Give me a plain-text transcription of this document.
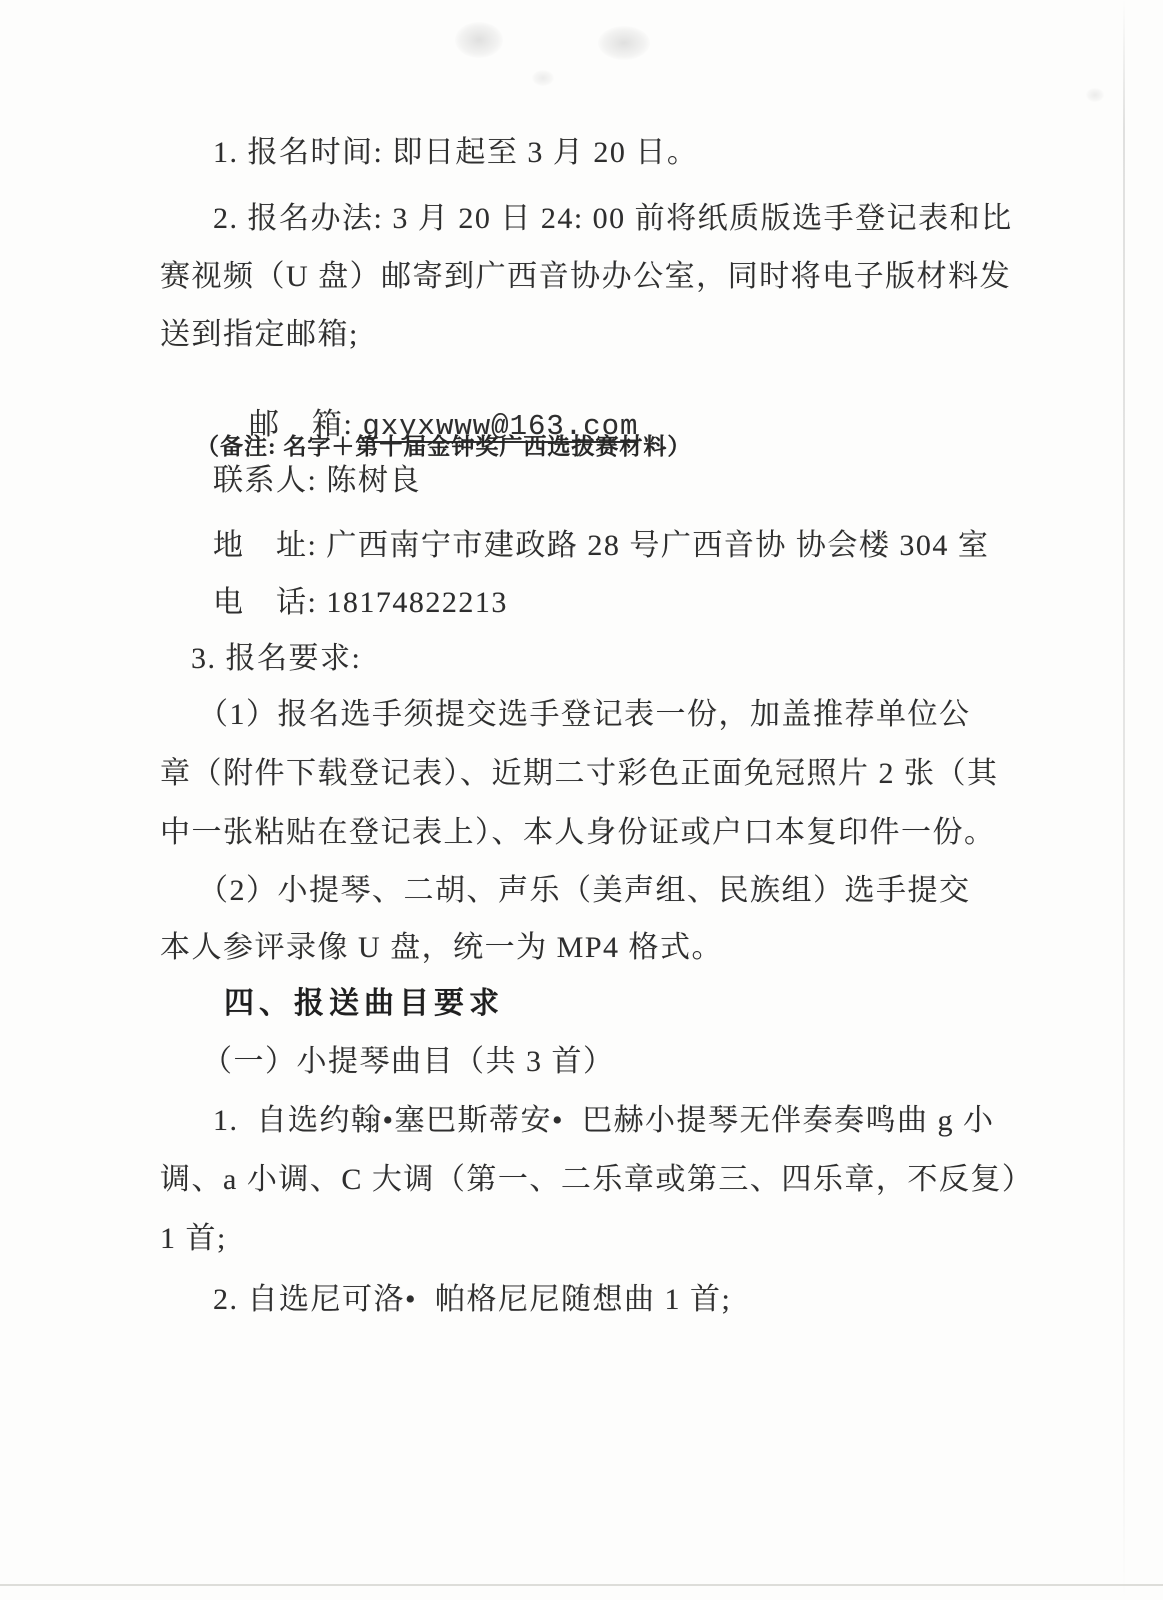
1. 报名时间: 即日起至 3 月 20 日。
2. 报名办法: 3 月 20 日 24: 00 前将纸质版选手登记表和比
赛视频（U 盘）邮寄到广西音协办公室，同时将电子版材料发
送到指定邮箱;

邮　箱: gxyxwww@163.com

（备注: 名字＋第十届金钟奖广西选拔赛材料）
联系人: 陈树良
地　址: 广西南宁市建政路 28 号广西音协 协会楼 304 室
电　话: 18174822213
3. 报名要求:
（1）报名选手须提交选手登记表一份，加盖推荐单位公
章（附件下载登记表）、近期二寸彩色正面免冠照片 2 张（其
中一张粘贴在登记表上）、本人身份证或户口本复印件一份。
（2）小提琴、二胡、声乐（美声组、民族组）选手提交
本人参评录像 U 盘，统一为 MP4 格式。
四、报送曲目要求
（一）小提琴曲目（共 3 首）
1.  自选约翰•塞巴斯蒂安•  巴赫小提琴无伴奏奏鸣曲 g 小
调、a 小调、C 大调（第一、二乐章或第三、四乐章，不反复）
1 首;
2. 自选尼可洛•  帕格尼尼随想曲 1 首;
